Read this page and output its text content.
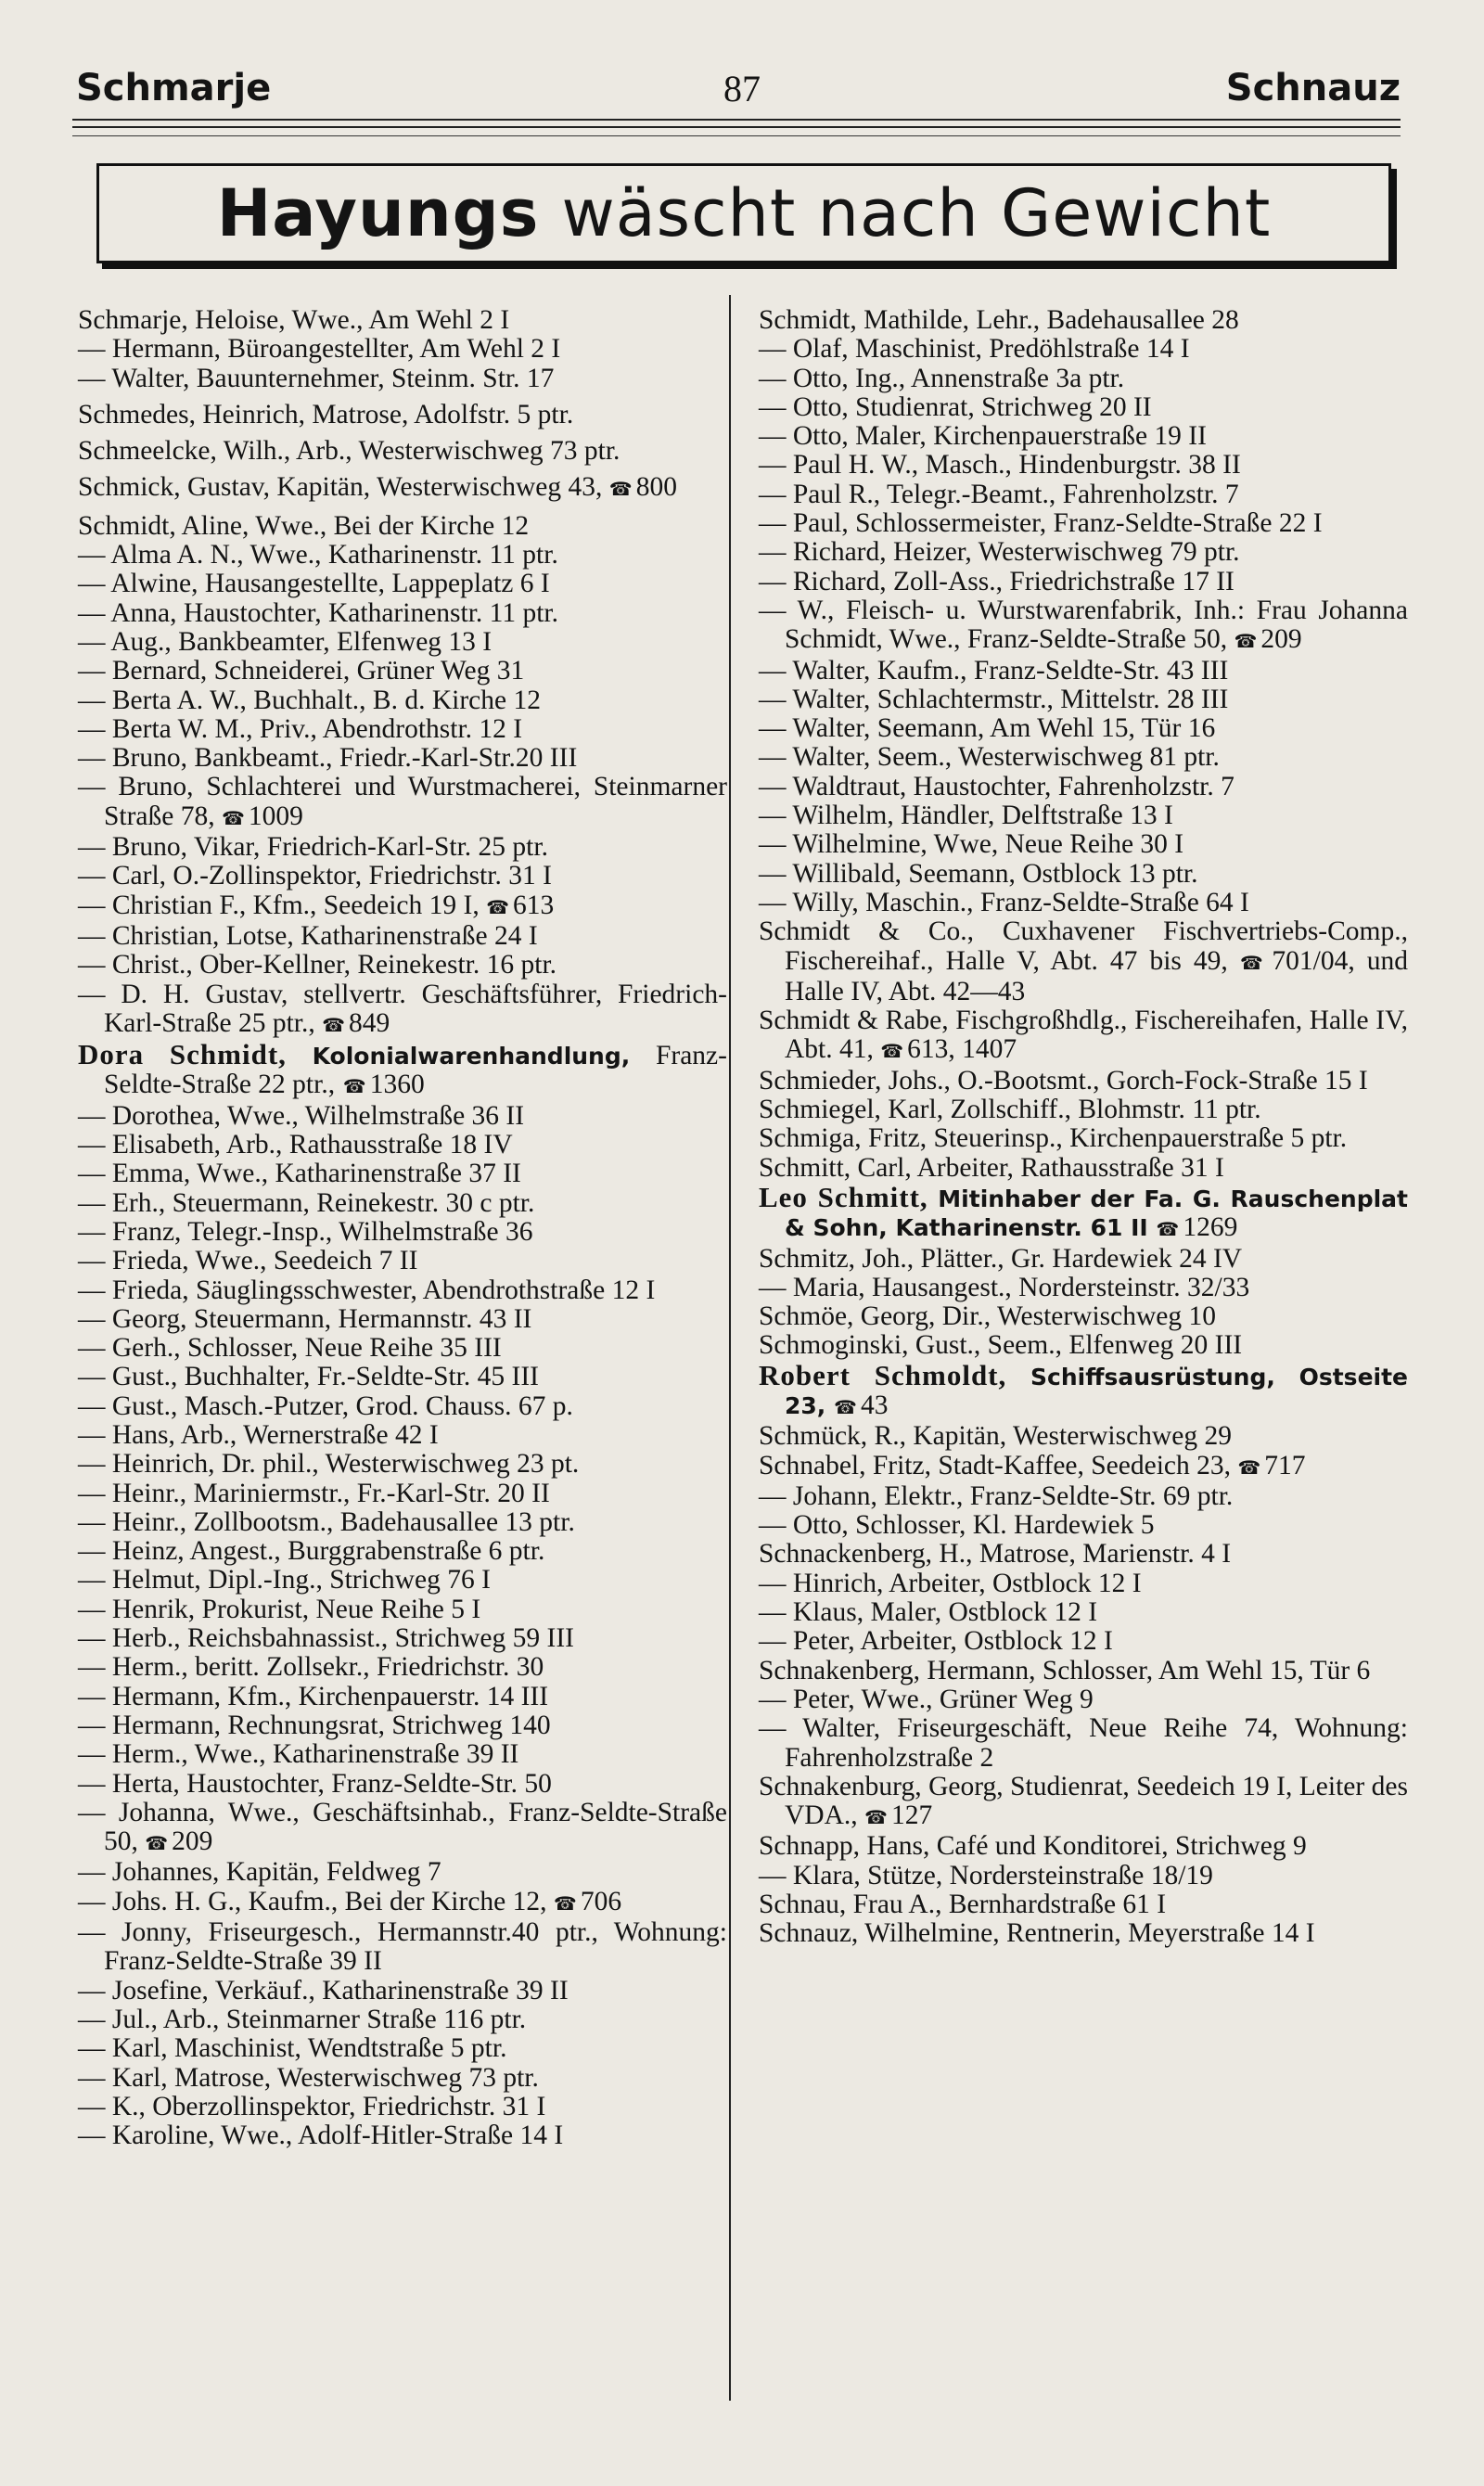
Schmarje	87	Schnauz
Hayungs wäscht nach Gewicht

Schmarje, Heloise, Wwe., Am Wehl 2 I

— Hermann, Büroangestellter, Am Wehl 2 I

— Walter, Bauunternehmer, Steinm. Str. 17

Schmedes, Heinrich, Matrose, Adolfstr. 5 ptr.

Schmeelcke, Wilh., Arb., Westerwischweg 73 ptr.

Schmick, Gustav, Kapitän, Westerwischweg 43, ☎ 800

Schmidt, Aline, Wwe., Bei der Kirche 12

— Alma A. N., Wwe., Katharinenstr. 11 ptr.

— Alwine, Hausangestellte, Lappeplatz 6 I

— Anna, Haustochter, Katharinenstr. 11 ptr.

— Aug., Bankbeamter, Elfenweg 13 I

— Bernard, Schneiderei, Grüner Weg 31

— Berta A. W., Buchhalt., B. d. Kirche 12

— Berta W. M., Priv., Abendrothstr. 12 I

— Bruno, Bankbeamt., Friedr.-Karl-Str.20 III

— Bruno, Schlachterei und Wurstmacherei, Steinmarner Straße 78, ☎ 1009

— Bruno, Vikar, Friedrich-Karl-Str. 25 ptr.

— Carl, O.-Zollinspektor, Friedrichstr. 31 I

— Christian F., Kfm., Seedeich 19 I, ☎ 613

— Christian, Lotse, Katharinenstraße 24 I

— Christ., Ober-Kellner, Reinekestr. 16 ptr.

— D. H. Gustav, stellvertr. Geschäftsführer, Friedrich-Karl-Straße 25 ptr., ☎ 849

Dora Schmidt, Kolonialwarenhandlung, Franz-Seldte-Straße 22 ptr., ☎ 1360

— Dorothea, Wwe., Wilhelmstraße 36 II

— Elisabeth, Arb., Rathausstraße 18 IV

— Emma, Wwe., Katharinenstraße 37 II

— Erh., Steuermann, Reinekestr. 30 c ptr.

— Franz, Telegr.-Insp., Wilhelmstraße 36

— Frieda, Wwe., Seedeich 7 II

— Frieda, Säuglingsschwester, Abendrothstraße 12 I

— Georg, Steuermann, Hermannstr. 43 II

— Gerh., Schlosser, Neue Reihe 35 III

— Gust., Buchhalter, Fr.-Seldte-Str. 45 III

— Gust., Masch.-Putzer, Grod. Chauss. 67 p.

— Hans, Arb., Wernerstraße 42 I

— Heinrich, Dr. phil., Westerwischweg 23 pt.

— Heinr., Mariniermstr., Fr.-Karl-Str. 20 II

— Heinr., Zollbootsm., Badehausallee 13 ptr.

— Heinz, Angest., Burggrabenstraße 6 ptr.

— Helmut, Dipl.-Ing., Strichweg 76 I

— Henrik, Prokurist, Neue Reihe 5 I

— Herb., Reichsbahnassist., Strichweg 59 III

— Herm., beritt. Zollsekr., Friedrichstr. 30

— Hermann, Kfm., Kirchenpauerstr. 14 III

— Hermann, Rechnungsrat, Strichweg 140

— Herm., Wwe., Katharinenstraße 39 II

— Herta, Haustochter, Franz-Seldte-Str. 50

— Johanna, Wwe., Geschäftsinhab., Franz-Seldte-Straße 50, ☎ 209

— Johannes, Kapitän, Feldweg 7

— Johs. H. G., Kaufm., Bei der Kirche 12, ☎ 706

— Jonny, Friseurgesch., Hermannstr.40 ptr., Wohnung: Franz-Seldte-Straße 39 II

— Josefine, Verkäuf., Katharinenstraße 39 II

— Jul., Arb., Steinmarner Straße 116 ptr.

— Karl, Maschinist, Wendtstraße 5 ptr.

— Karl, Matrose, Westerwischweg 73 ptr.

— K., Oberzollinspektor, Friedrichstr. 31 I

— Karoline, Wwe., Adolf-Hitler-Straße 14 I

Schmidt, Mathilde, Lehr., Badehausallee 28

— Olaf, Maschinist, Predöhlstraße 14 I

— Otto, Ing., Annenstraße 3a ptr.

— Otto, Studienrat, Strichweg 20 II

— Otto, Maler, Kirchenpauerstraße 19 II

— Paul H. W., Masch., Hindenburgstr. 38 II

— Paul R., Telegr.-Beamt., Fahrenholzstr. 7

— Paul, Schlossermeister, Franz-Seldte-Straße 22 I

— Richard, Heizer, Westerwischweg 79 ptr.

— Richard, Zoll-Ass., Friedrichstraße 17 II

— W., Fleisch- u. Wurstwarenfabrik, Inh.: Frau Johanna Schmidt, Wwe., Franz-Seldte-Straße 50, ☎ 209

— Walter, Kaufm., Franz-Seldte-Str. 43 III

— Walter, Schlachtermstr., Mittelstr. 28 III

— Walter, Seemann, Am Wehl 15, Tür 16

— Walter, Seem., Westerwischweg 81 ptr.

— Waldtraut, Haustochter, Fahrenholzstr. 7

— Wilhelm, Händler, Delftstraße 13 I

— Wilhelmine, Wwe, Neue Reihe 30 I

— Willibald, Seemann, Ostblock 13 ptr.

— Willy, Maschin., Franz-Seldte-Straße 64 I

Schmidt & Co., Cuxhavener Fischvertriebs-Comp., Fischereihaf., Halle V, Abt. 47 bis 49, ☎ 701/04, und Halle IV, Abt. 42—43

Schmidt & Rabe, Fischgroßhdlg., Fischereihafen, Halle IV, Abt. 41, ☎ 613, 1407

Schmieder, Johs., O.-Bootsmt., Gorch-Fock-Straße 15 I

Schmiegel, Karl, Zollschiff., Blohmstr. 11 ptr.

Schmiga, Fritz, Steuerinsp., Kirchenpauerstraße 5 ptr.

Schmitt, Carl, Arbeiter, Rathausstraße 31 I

Leo Schmitt, Mitinhaber der Fa. G. Rauschenplat & Sohn, Katharinenstr. 61 II ☎ 1269

Schmitz, Joh., Plätter., Gr. Hardewiek 24 IV

— Maria, Hausangest., Nordersteinstr. 32/33

Schmöe, Georg, Dir., Westerwischweg 10

Schmoginski, Gust., Seem., Elfenweg 20 III

Robert Schmoldt, Schiffsausrüstung, Ostseite 23, ☎ 43

Schmück, R., Kapitän, Westerwischweg 29

Schnabel, Fritz, Stadt-Kaffee, Seedeich 23, ☎ 717

— Johann, Elektr., Franz-Seldte-Str. 69 ptr.

— Otto, Schlosser, Kl. Hardewiek 5

Schnackenberg, H., Matrose, Marienstr. 4 I

— Hinrich, Arbeiter, Ostblock 12 I

— Klaus, Maler, Ostblock 12 I

— Peter, Arbeiter, Ostblock 12 I

Schnakenberg, Hermann, Schlosser, Am Wehl 15, Tür 6

— Peter, Wwe., Grüner Weg 9

— Walter, Friseurgeschäft, Neue Reihe 74, Wohnung: Fahrenholzstraße 2

Schnakenburg, Georg, Studienrat, Seedeich 19 I, Leiter des VDA., ☎ 127

Schnapp, Hans, Café und Konditorei, Strichweg 9

— Klara, Stütze, Nordersteinstraße 18/19

Schnau, Frau A., Bernhardstraße 61 I

Schnauz, Wilhelmine, Rentnerin, Meyerstraße 14 I
